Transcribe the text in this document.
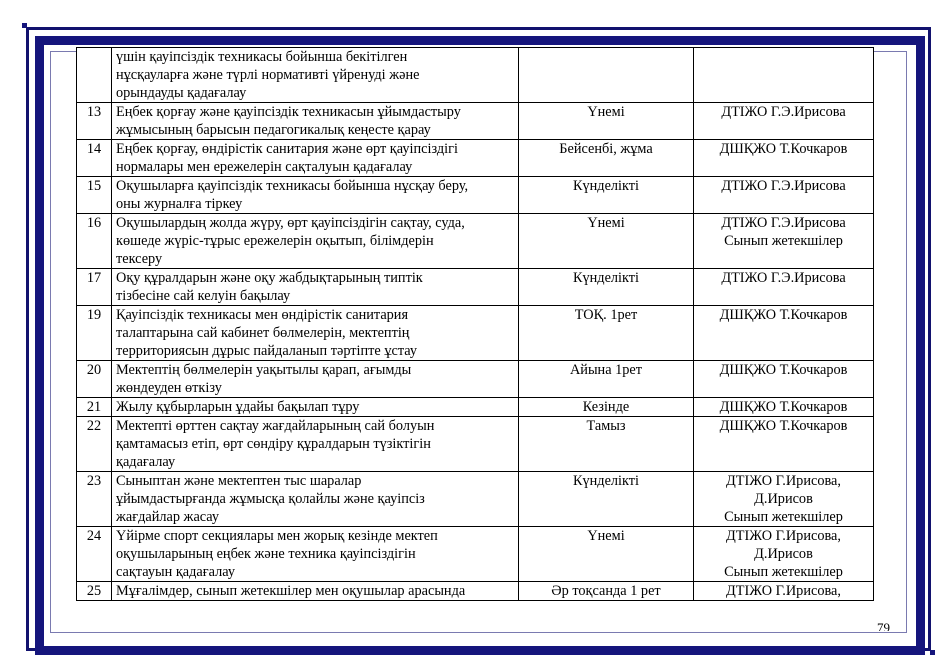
	үшін қауіпсіздік техникасы бойынша бекітілген
нұсқауларға және түрлі нормативті үйренуді және
орындауды қадағалау		

13	Еңбек қорғау және қауіпсіздік техникасын ұйымдастыру
жұмысының барысын педагогикалық кеңесте қарау	Үнемі	ДТІЖО Г.Э.Ирисова

14	Еңбек қорғау, өндірістік санитария және өрт қауіпсіздігі
нормалары мен ережелерін сақталуын қадағалау	Бейсенбі, жұма	ДШҚЖО Т.Кочкаров

15	Оқушыларға қауіпсіздік техникасы бойынша нұсқау беру,
оны журналға тіркеу	Күнделікті	ДТІЖО Г.Э.Ирисова

16	Оқушылардың жолда жүру, өрт қауіпсіздігін сақтау, суда,
көшеде жүріс-тұрыс ережелерін оқытып, білімдерін
тексеру	Үнемі	ДТІЖО Г.Э.Ирисова
Сынып жетекшілер

17	Оқу құралдарын және оқу жабдықтарының типтік
тізбесіне сай келуін бақылау	Күнделікті	ДТІЖО Г.Э.Ирисова

19	Қауіпсіздік техникасы мен өндірістік санитария
талаптарына сай кабинет бөлмелерін, мектептің
территориясын дұрыс пайдаланып тәртіпте ұстау	ТОҚ. 1рет	ДШҚЖО Т.Кочкаров

20	Мектептің бөлмелерін уақытылы қарап, ағымды
жөндеуден өткізу	Айына 1рет	ДШҚЖО Т.Кочкаров

21	Жылу құбырларын ұдайы бақылап тұру	Кезінде	ДШҚЖО Т.Кочкаров

22	Мектепті өрттен сақтау жағдайларының сай болуын
қамтамасыз етіп, өрт сөндіру құралдарын түзіктігін
қадағалау	Тамыз	ДШҚЖО Т.Кочкаров

23	Сыныптан және мектептен тыс шаралар
ұйымдастырғанда жұмысқа қолайлы және қауіпсіз
жағдайлар жасау	Күнделікті	ДТІЖО Г.Ирисова,
Д.Ирисов
Сынып жетекшілер

24	Үйірме спорт секциялары мен жорық кезінде мектеп
оқушыларының еңбек және техника қауіпсіздігін
сақтауын қадағалау	Үнемі	ДТІЖО Г.Ирисова,
Д.Ирисов
Сынып жетекшілер

25	Мұғалімдер, сынып жетекшілер мен оқушылар арасында	Әр тоқсанда 1 рет	ДТІЖО Г.Ирисова,
79
